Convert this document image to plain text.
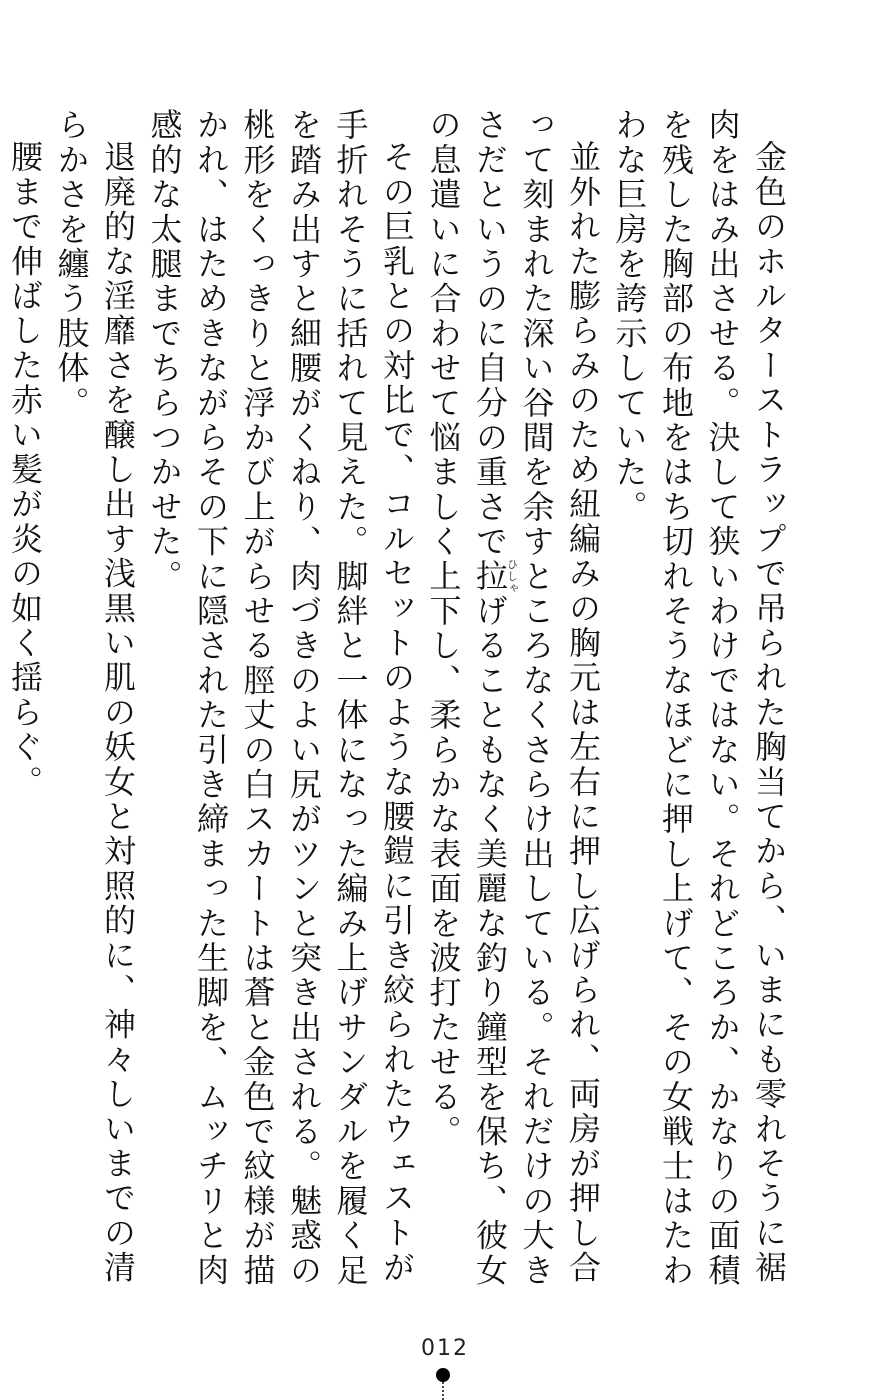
金色のホルターストラップで吊られた胸当てから、いまにも零れそうに裾肉をはみ出させる。決して狭いわけではない。それどころか、かなりの面積を残した胸部の布地をはち切れそうなほどに押し上げて、その女戦士はたわわな巨房を誇示していた。

並外れた膨らみのため紐編みの胸元は左右に押し広げられ、両房が押し合って刻まれた深い谷間を余すところなくさらけ出している。それだけの大きさだというのに自分の重さで拉ひしゃげることもなく美麗な釣り鐘型を保ち、彼女の息遣いに合わせて悩ましく上下し、柔らかな表面を波打たせる。

その巨乳との対比で、コルセットのような腰鎧に引き絞られたウェストが手折れそうに括れて見えた。脚絆と一体になった編み上げサンダルを履く足を踏み出すと細腰がくねり、肉づきのよい尻がツンと突き出される。魅惑の桃形をくっきりと浮かび上がらせる脛丈の白スカートは蒼と金色で紋様が描かれ、はためきながらその下に隠された引き締まった生脚を、ムッチリと肉感的な太腿までちらつかせた。

退廃的な淫靡さを醸し出す浅黒い肌の妖女と対照的に、神々しいまでの清らかさを纏う肢体。

腰まで伸ばした赤い髪が炎の如く揺らぐ。

012
